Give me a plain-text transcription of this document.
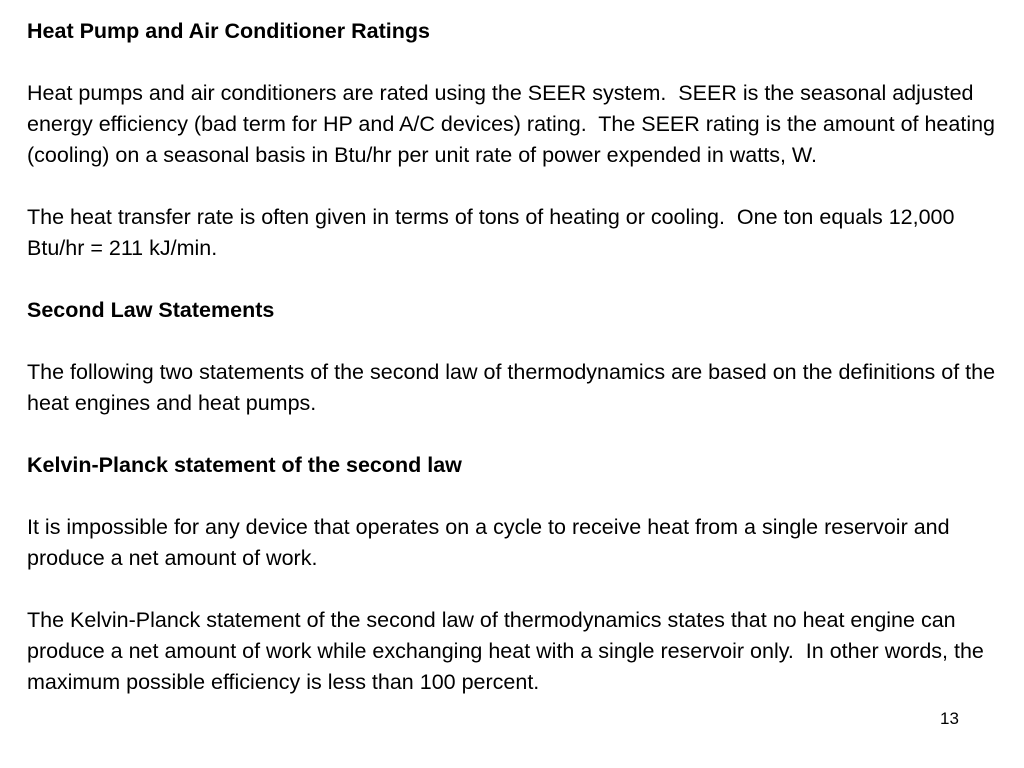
Heat Pump and Air Conditioner Ratings
Heat pumps and air conditioners are rated using the SEER system.  SEER is the seasonal adjusted energy efficiency (bad term for HP and A/C devices) rating.  The SEER rating is the amount of heating (cooling) on a seasonal basis in Btu/hr per unit rate of power expended in watts, W.
The heat transfer rate is often given in terms of tons of heating or cooling.  One ton equals 12,000 Btu/hr = 211 kJ/min.
Second Law Statements
The following two statements of the second law of thermodynamics are based on the definitions of the heat engines and heat pumps.
Kelvin-Planck statement of the second law
It is impossible for any device that operates on a cycle to receive heat from a single reservoir and produce a net amount of work.
The Kelvin-Planck statement of the second law of thermodynamics states that no heat engine can produce a net amount of work while exchanging heat with a single reservoir only.  In other words, the maximum possible efficiency is less than 100 percent.
13
